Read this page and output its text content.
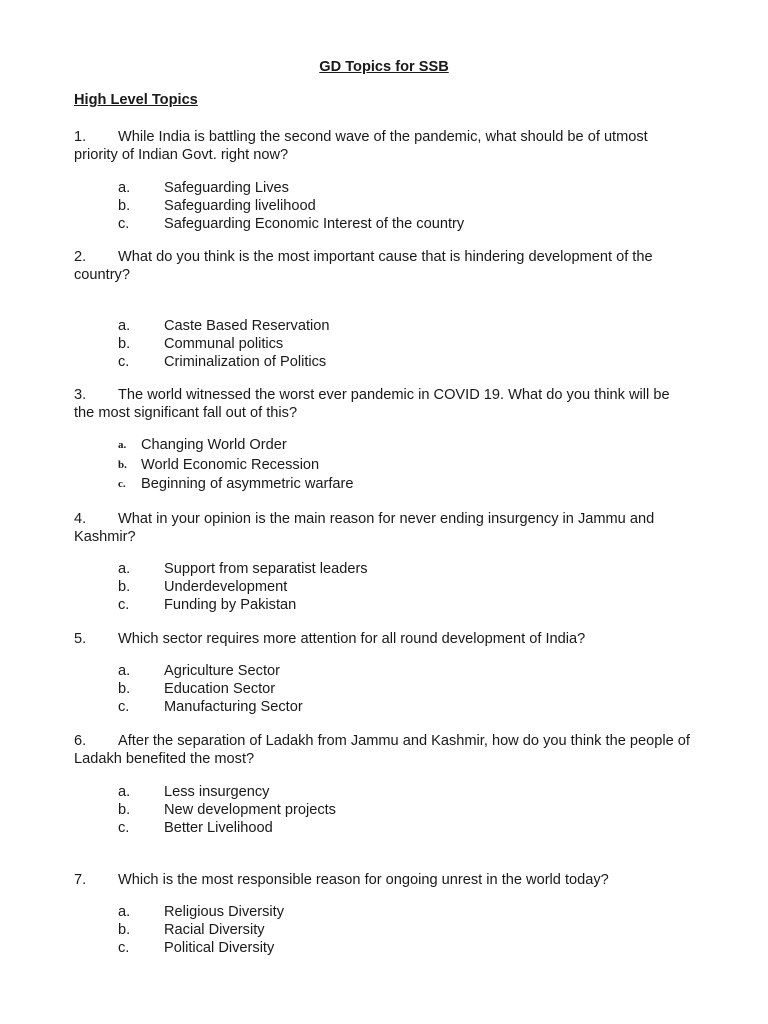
GD Topics for SSB
High Level Topics
1. While India is battling the second wave of the pandemic, what should be of utmost priority of Indian Govt. right now?
a.	Safeguarding Lives
b.	Safeguarding livelihood
c.	Safeguarding Economic Interest of the country
2. What do you think is the most important cause that is hindering development of the country?
a.	Caste Based Reservation
b.	Communal politics
c.	Criminalization of Politics
3. The world witnessed the worst ever pandemic in COVID 19. What do you think will be the most significant fall out of this?
a.	Changing World Order
b. World Economic Recession
c.	Beginning of asymmetric warfare
4. What in your opinion is the main reason for never ending insurgency in Jammu and Kashmir?
a.	Support from separatist leaders
b.	Underdevelopment
c.	Funding by Pakistan
5. Which sector requires more attention for all round development of India?
a.	Agriculture Sector
b.	Education Sector
c.	Manufacturing Sector
6. After the separation of Ladakh from Jammu and Kashmir, how do you think the people of Ladakh benefited the most?
a.	Less insurgency
b.	New development projects
c.	Better Livelihood
7. Which is the most responsible reason for ongoing unrest in the world today?
a.	Religious Diversity
b.	Racial Diversity
c.	Political Diversity
